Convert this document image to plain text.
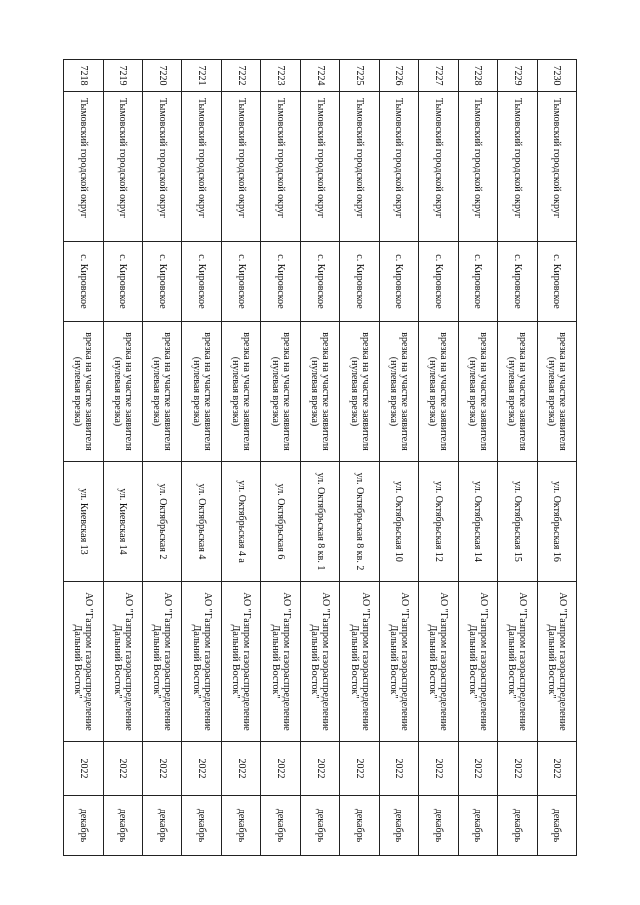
7230	Тымовский городской округ	с. Кировское	врезка на участке заявителя (нулевая врезка)	ул. Октябрьская 16	АО "Газпром газораспределение Дальний Восток"	2022	декабрь
7229	Тымовский городской округ	с. Кировское	врезка на участке заявителя (нулевая врезка)	ул. Октябрьская 15	АО "Газпром газораспределение Дальний Восток"	2022	декабрь
7228	Тымовский городской округ	с. Кировское	врезка на участке заявителя (нулевая врезка)	ул. Октябрьская 14	АО "Газпром газораспределение Дальний Восток"	2022	декабрь
7227	Тымовский городской округ	с. Кировское	врезка на участке заявителя (нулевая врезка)	ул. Октябрьская 12	АО "Газпром газораспределение Дальний Восток"	2022	декабрь
7226	Тымовский городской округ	с. Кировское	врезка на участке заявителя (нулевая врезка)	ул. Октябрьская 10	АО "Газпром газораспределение Дальний Восток"	2022	декабрь
7225	Тымовский городской округ	с. Кировское	врезка на участке заявителя (нулевая врезка)	ул. Октябрьская 8 кв. 2	АО "Газпром газораспределение Дальний Восток"	2022	декабрь
7224	Тымовский городской округ	с. Кировское	врезка на участке заявителя (нулевая врезка)	ул. Октябрьская 8 кв. 1	АО "Газпром газораспределение Дальний Восток"	2022	декабрь
7223	Тымовский городской округ	с. Кировское	врезка на участке заявителя (нулевая врезка)	ул. Октябрьская 6	АО "Газпром газораспределение Дальний Восток"	2022	декабрь
7222	Тымовский городской округ	с. Кировское	врезка на участке заявителя (нулевая врезка)	ул. Октябрьская 4 а	АО "Газпром газораспределение Дальний Восток"	2022	декабрь
7221	Тымовский городской округ	с. Кировское	врезка на участке заявителя (нулевая врезка)	ул. Октябрьская 4	АО "Газпром газораспределение Дальний Восток"	2022	декабрь
7220	Тымовский городской округ	с. Кировское	врезка на участке заявителя (нулевая врезка)	ул. Октябрьская 2	АО "Газпром газораспределение Дальний Восток"	2022	декабрь
7219	Тымовский городской округ	с. Кировское	врезка на участке заявителя (нулевая врезка)	ул. Киевская 14	АО "Газпром газораспределение Дальний Восток"	2022	декабрь
7218	Тымовский городской округ	с. Кировское	врезка на участке заявителя (нулевая врезка)	ул. Киевская 13	АО "Газпром газораспределение Дальний Восток"	2022	декабрь
